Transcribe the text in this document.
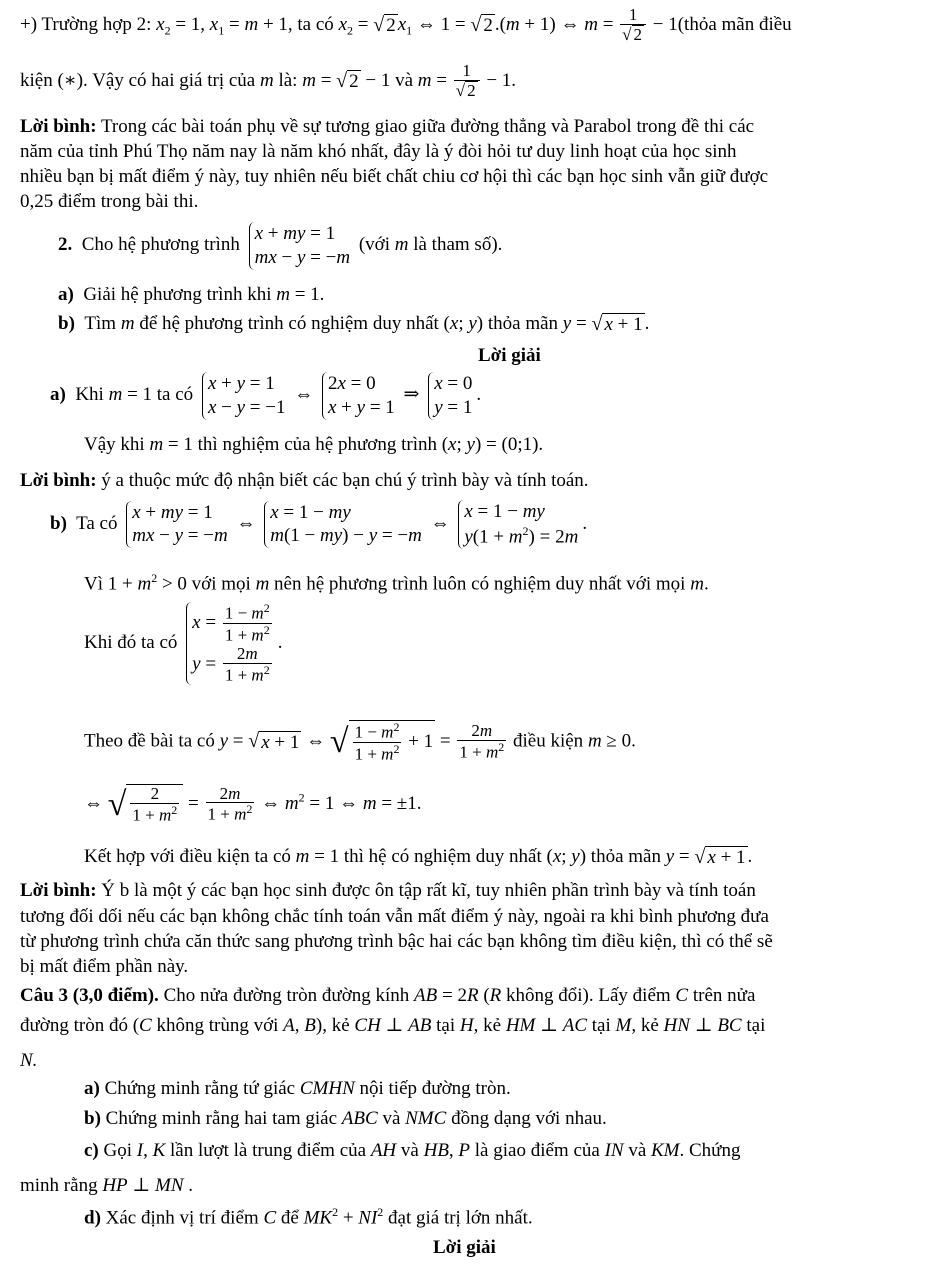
+) Trường hợp 2: $x_2 = 1$, $x_1 = m + 1$, ta có $x_2$ = √ 2 $x_1$ ⇔ 1 = √ 2 .(m + 1) ⇔ $m = \frac{1}{√ 2}$ − 1(thỏa mãn điều
kiện (∗). Vậy có hai giá trị của m là: m = √ 2 − 1 và $m = \frac{1}{√ 2} - 1$.
Lời bình: Trong các bài toán phụ về sự tương giao giữa đường thẳng và Parabol trong đề thi các
năm của tỉnh Phú Thọ năm nay là năm khó nhất, đây là ý đòi hỏi tư duy linh hoạt của học sinh
nhiều bạn bị mất điểm ý này, tuy nhiên nếu biết chất chiu cơ hội thì các bạn học sinh vẫn giữ được
0,25 điểm trong bài thi.
2. Cho hệ phương trình
x + my = 1
mx − y = −m
(với m là tham số).
a) Giải hệ phương trình khi m = 1.
b) Tìm m để hệ phương trình có nghiệm duy nhất (x; y) thỏa mãn y = √ x + 1 .
Lời giải
a) Khi m = 1 ta có
x + y = 1
x − y = −1
⇔
2x = 0
x + y = 1
⇒
x = 0
y = 1
.
Vậy khi m = 1 thì nghiệm của hệ phương trình (x; y) = (0;1).
Lời bình: ý a thuộc mức độ nhận biết các bạn chú ý trình bày và tính toán.
b) Ta có
x + my = 1
mx − y = −m
⇔
x = 1 − my
m(1 − my) − y = −m
⇔
x = 1 − my
$y(1 + m^2) = 2m$
.
Vì $1 + m^2 > 0$ với mọi m nên hệ phương trình luôn có nghiệm duy nhất với mọi m.
Khi đó ta có
$x = \frac{1 - m^2}{1 + m^2}$
$y = \frac{2m}{1 + m^2}$
.
Theo đề bài ta có y = √ x + 1 ⇔ √ $\frac{1 - m^2}{1 + m^2} + 1 = \frac{2m}{1 + m^2}$ điều kiện m ≥ 0.
⇔ √ $\frac{2}{1 + m^2} = \frac{2m}{1 + m^2}$ ⇔ $m^2 = 1$ ⇔ m = ±1.
Kết hợp với điều kiện ta có m = 1 thì hệ có nghiệm duy nhất (x; y) thỏa mãn y = √ x + 1 .
Lời bình: Ý b là một ý các bạn học sinh được ôn tập rất kĩ, tuy nhiên phần trình bày và tính toán
tương đối dối nếu các bạn không chắc tính toán vẫn mất điểm ý này, ngoài ra khi bình phương đưa
từ phương trình chứa căn thức sang phương trình bậc hai các bạn không tìm điều kiện, thì có thể sẽ
bị mất điểm phần này.
Câu 3 (3,0 điểm). Cho nửa đường tròn đường kính AB = 2R (R không đổi). Lấy điểm C trên nửa
đường tròn đó (C không trùng với A, B), kẻ CH ⊥ AB tại H, kẻ HM ⊥ AC tại M, kẻ HN ⊥ BC tại
N.
a) Chứng minh rằng tứ giác CMHN nội tiếp đường tròn.
b) Chứng minh rằng hai tam giác ABC và NMC đồng dạng với nhau.
c) Gọi I, K lần lượt là trung điểm của AH và HB, P là giao điểm của IN và KM. Chứng
minh rằng HP ⊥ MN .
d) Xác định vị trí điểm C để $MK^2 + NI^2$ đạt giá trị lớn nhất.
Lời giải
